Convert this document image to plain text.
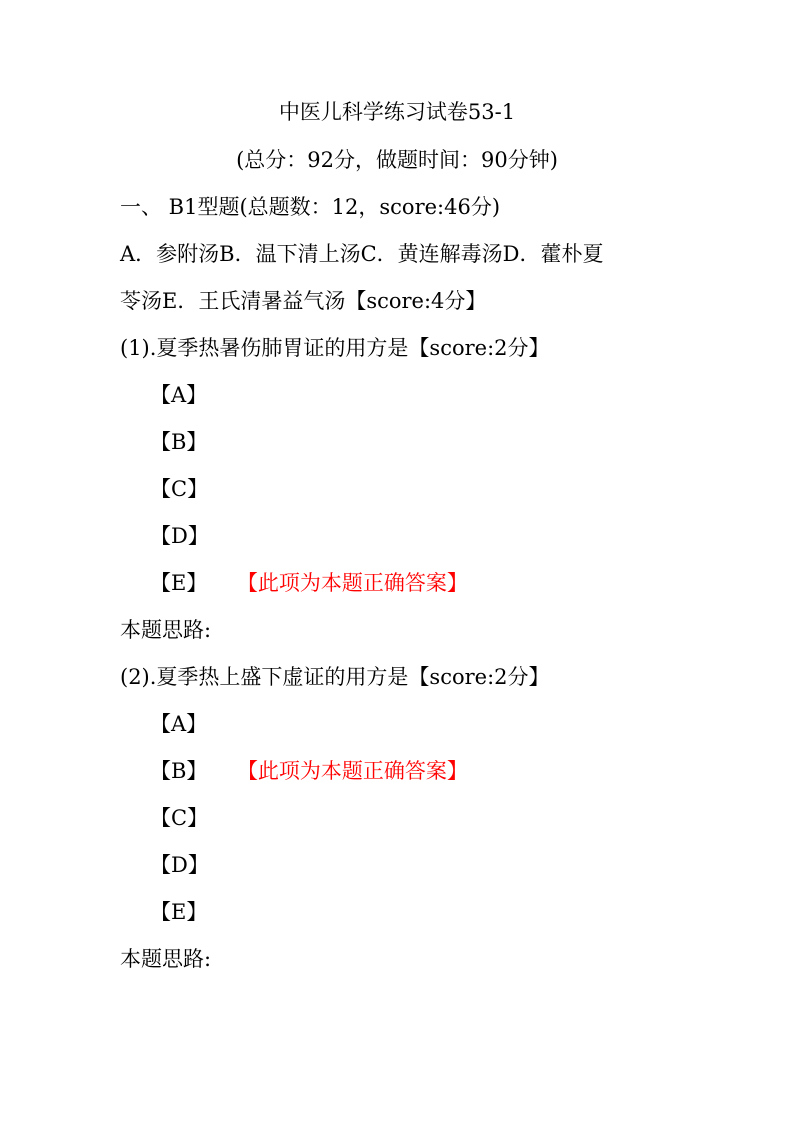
中医儿科学练习试卷53-1
(总分：92分，做题时间：90分钟)
一、 B1型题(总题数：12，score:46分)
A．参附汤B．温下清上汤C．黄连解毒汤D．藿朴夏
苓汤E．王氏清暑益气汤【score:4分】
(1).夏季热暑伤肺胃证的用方是【score:2分】
【A】
【B】
【C】
【D】
【E】 【此项为本题正确答案】
本题思路:
(2).夏季热上盛下虚证的用方是【score:2分】
【A】
【B】 【此项为本题正确答案】
【C】
【D】
【E】
本题思路:
